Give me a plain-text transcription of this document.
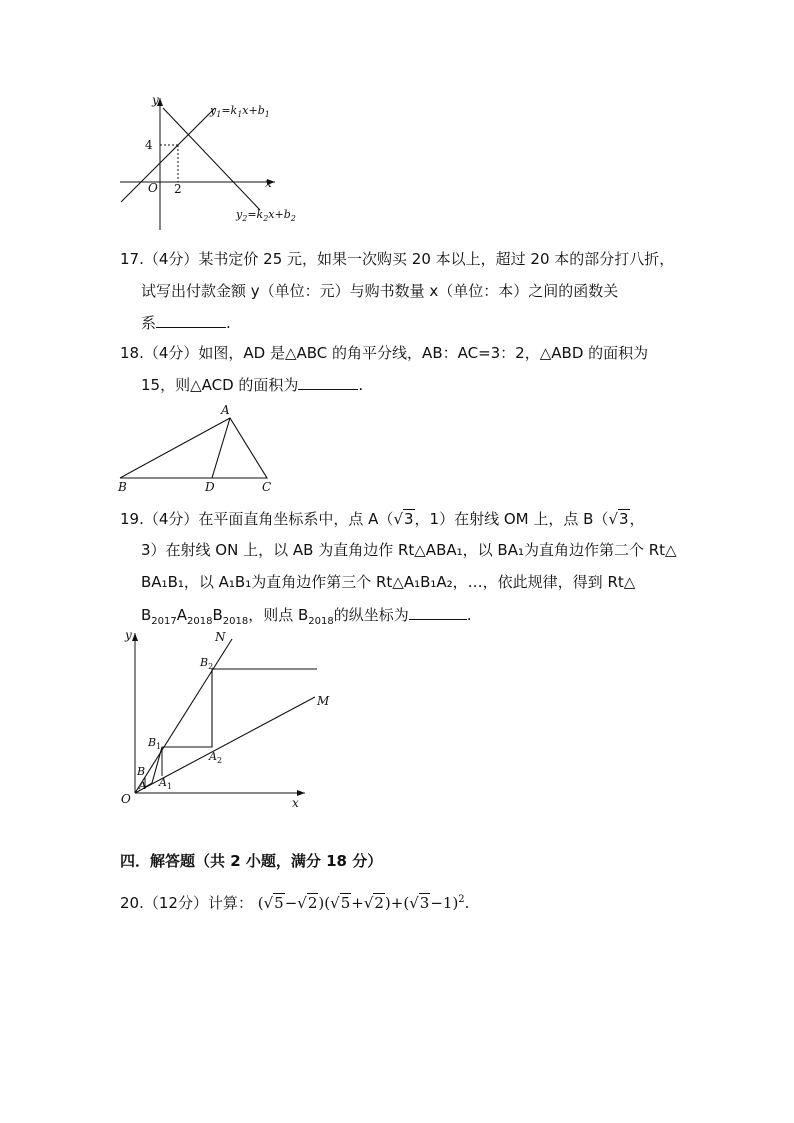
y
x
O
4
2
$y_1=k_1x+b_1$
$y_2=k_2x+b_2$
17.（4分）某书定价 25 元，如果一次购买 20 本以上，超过 20 本的部分打八折，
试写出付款金额 y（单位：元）与购书数量 x（单位：本）之间的函数关
系	.
18.（4分）如图，AD 是△ABC 的角平分线，AB：AC=3：2，△ABD 的面积为
15，则△ACD 的面积为	.
A
B	D	C
19.（4分）在平面直角坐标系中，点 A（√3，1）在射线 OM 上，点 B（√3，
3）在射线 ON 上，以 AB 为直角边作 Rt△ABA₁，以 BA₁为直角边作第二个 Rt△
BA₁B₁，以 A₁B₁为直角边作第三个 Rt△A₁B₁A₂，…，依此规律，得到 Rt△
$B_{2017}A_{2018}B_{2018}$，则点 $B_{2018}$的纵坐标为	.
y
x
O
N
M
$B_2$
$B_1$
$A_2$
B
$A_1$
A
四．解答题（共 2 小题，满分 18 分）
20.（12分）计算： $(√5-√2)(√5+√2)+(√3-1)^2$.
